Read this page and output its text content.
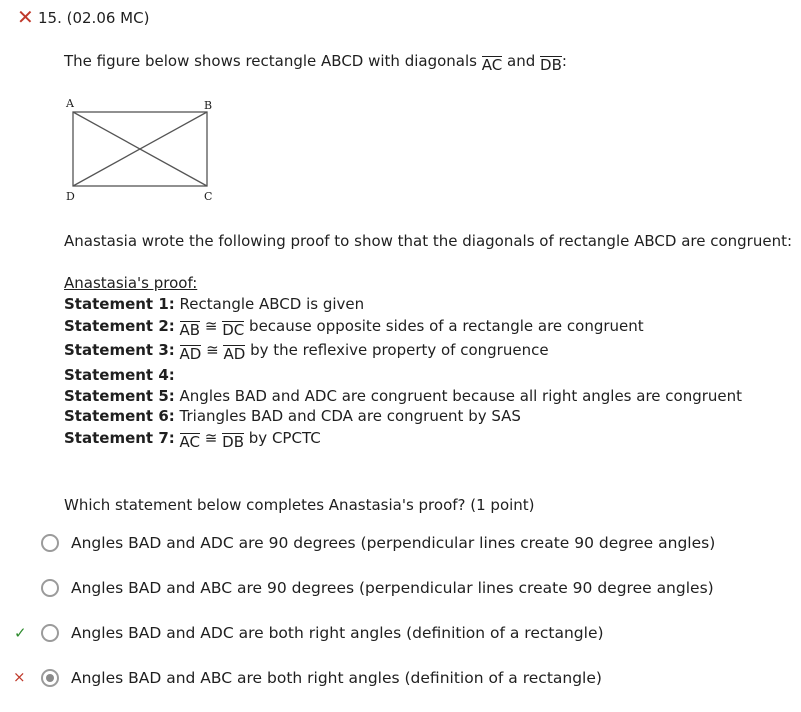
✕ 15. (02.06 MC)
The figure below shows rectangle ABCD with diagonals AC and DB:
A	B
C
D
Anastasia wrote the following proof to show that the diagonals of rectangle ABCD are congruent:
Anastasia's proof:
Statement 1: Rectangle ABCD is given
Statement 2: AB ≅ DC because opposite sides of a rectangle are congruent
Statement 3: AD ≅ AD by the reflexive property of congruence
Statement 4:
Statement 5: Angles BAD and ADC are congruent because all right angles are congruent
Statement 6: Triangles BAD and CDA are congruent by SAS
Statement 7: AC ≅ DB by CPCTC
Which statement below completes Anastasia's proof? (1 point)
Angles BAD and ADC are 90 degrees (perpendicular lines create 90 degree angles)
Angles BAD and ABC are 90 degrees (perpendicular lines create 90 degree angles)
✓	Angles BAD and ADC are both right angles (definition of a rectangle)
×	Angles BAD and ABC are both right angles (definition of a rectangle)
